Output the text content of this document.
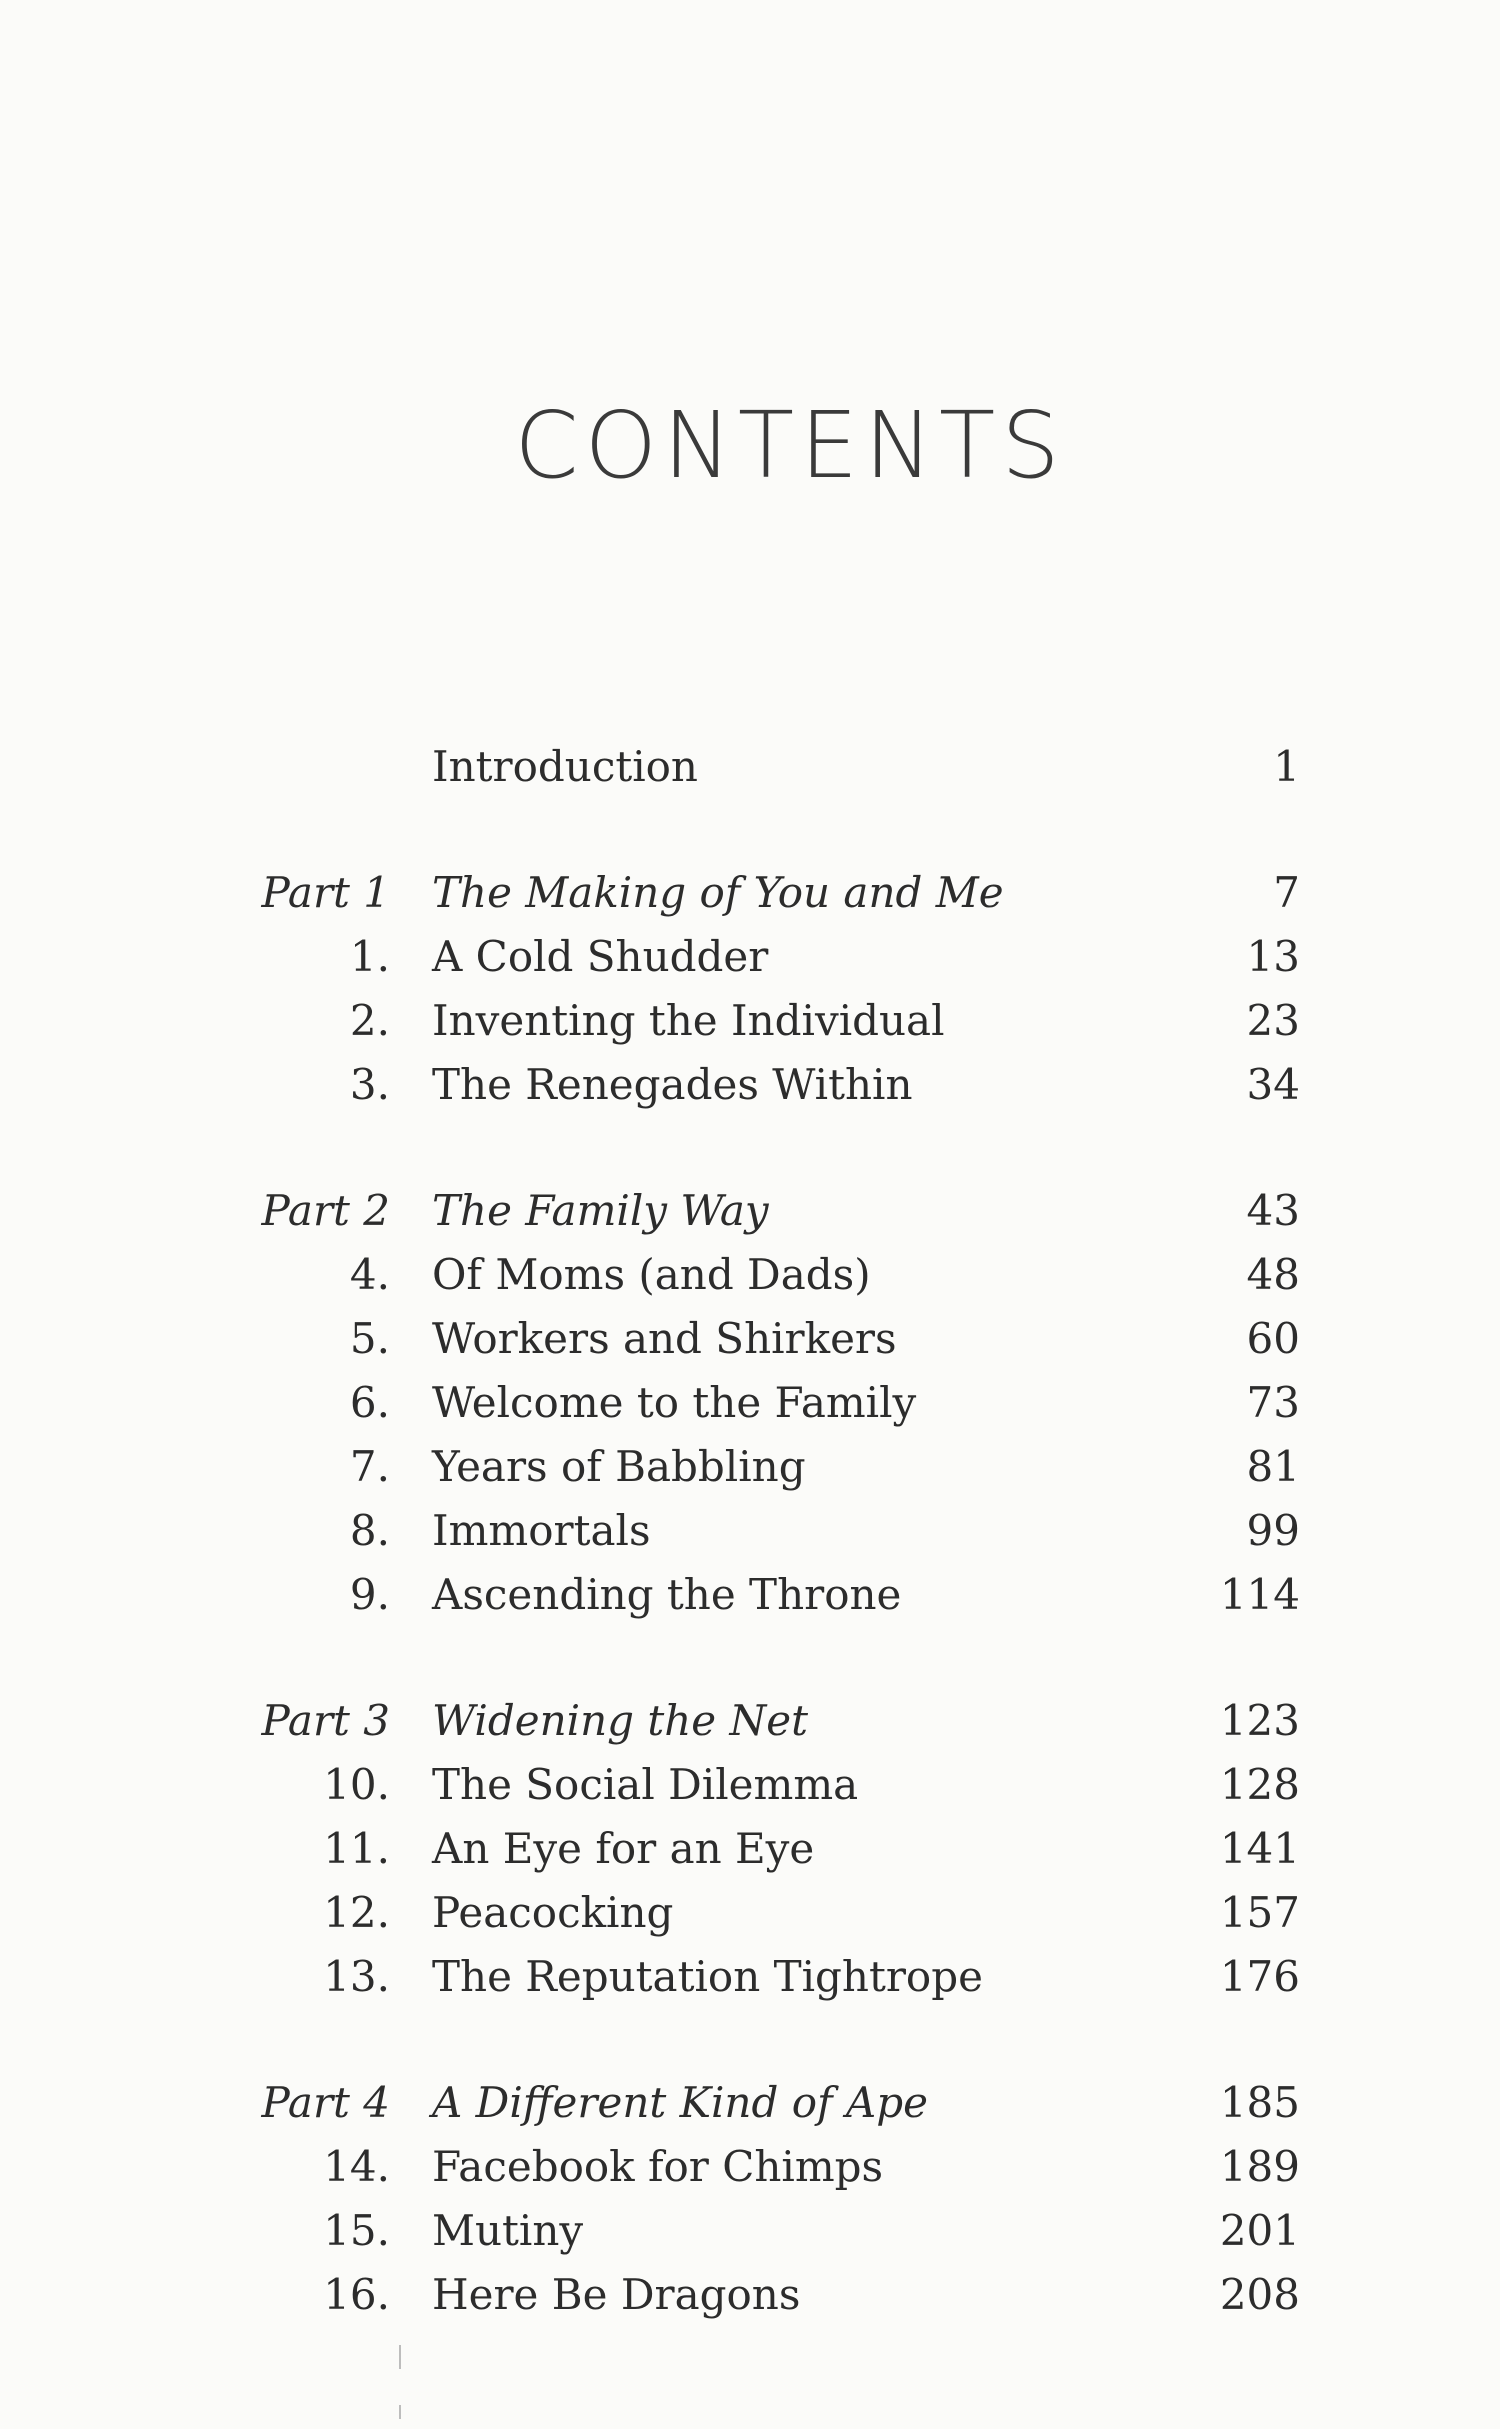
CONTENTS
Introduction	1
Part 1 The Making of You and Me	7
1. A Cold Shudder	13
2. Inventing the Individual	23
3. The Renegades Within	34
Part 2 The Family Way	43
4. Of Moms (and Dads)	48
5. Workers and Shirkers	60
6. Welcome to the Family	73
7. Years of Babbling	81
8. Immortals	99
9. Ascending the Throne	114
Part 3 Widening the Net	123
10. The Social Dilemma	128
11. An Eye for an Eye	141
12. Peacocking	157
13. The Reputation Tightrope	176
Part 4 A Different Kind of Ape	185
14. Facebook for Chimps	189
15. Mutiny	201
16. Here Be Dragons	208
